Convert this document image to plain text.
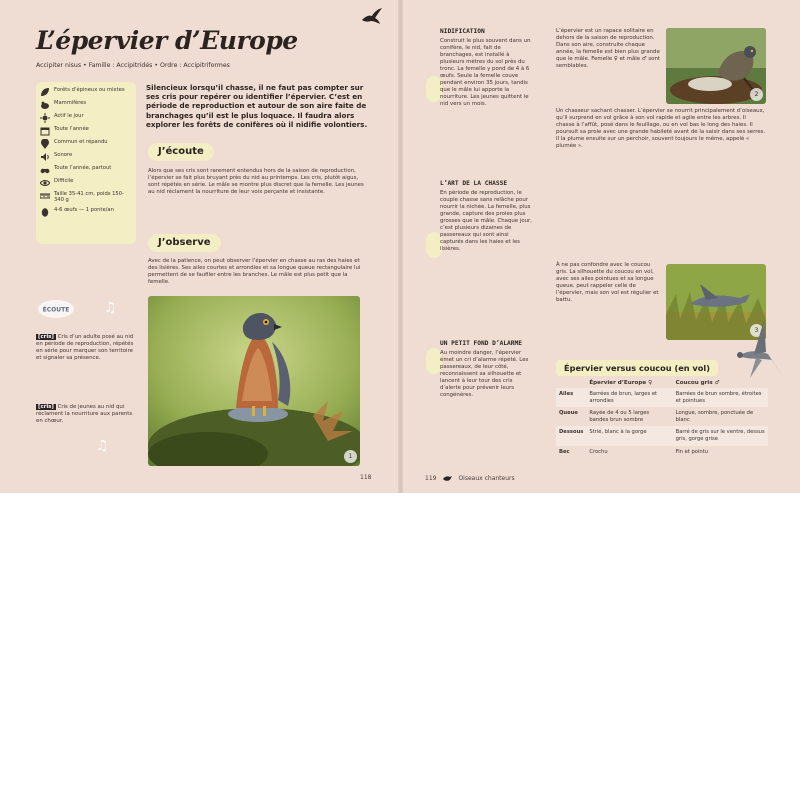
L’épervier d’Europe
Accipiter nisus • Famille : Accipitridés • Ordre : Accipitriformes
Forêts d’épineux ou mixtes
Mammifères
Actif le jour
Toute l’année
Commun et répandu
Sonore
Toute l’année, partout
Difficile
Taille 35-41 cm, poids 150-340 g
4-6 œufs — 1 ponte/an
Silencieux lorsqu’il chasse, il ne faut pas compter sur ses cris pour repérer ou identifier l’épervier. C’est en période de reproduction et autour de son aire faite de branchages qu’il est le plus loquace. Il faudra alors explorer les forêts de conifères où il nidifie volontiers.
J’écoute
Alors que ses cris sont rarement entendus hors de la saison de reproduction, l’épervier se fait plus bruyant près du nid au printemps. Les cris, plutôt aigus, sont répétés en série. Le mâle se montre plus discret que la femelle. Les jeunes au nid réclament la nourriture de leur voix perçante et insistante.
J’observe
Avec de la patience, on peut observer l’épervier en chasse au ras des haies et des lisières. Ses ailes courtes et arrondies et sa longue queue rectangulaire lui permettent de se faufiler entre les branches. Le mâle est plus petit que la femelle.
ÉCOUTE ♫
♫
[cris] Cris d’un adulte posé au nid en période de reproduction, répétés en série pour marquer son territoire et signaler sa présence.
[cris] Cris de jeunes au nid qui réclament la nourriture aux parents en chœur.
1
118
NIDIFICATION
Construit le plus souvent dans un conifère, le nid, fait de branchages, est installé à plusieurs mètres du sol près du tronc. La femelle y pond de 4 à 6 œufs. Seule la femelle couve pendant environ 35 jours, tandis que le mâle lui apporte la nourriture. Les jeunes quittent le nid vers un mois.
L’ART DE LA CHASSE
En période de reproduction, le couple chasse sans relâche pour nourrir la nichée. La femelle, plus grande, capture des proies plus grosses que le mâle. Chaque jour, c’est plusieurs dizaines de passereaux qui sont ainsi capturés dans les haies et les lisières.
UN PETIT FOND D’ALARME
Au moindre danger, l’épervier émet un cri d’alarme répété. Les passereaux, de leur côté, reconnaissent sa silhouette et lancent à leur tour des cris d’alerte pour prévenir leurs congénères.
L’épervier est un rapace solitaire en dehors de la saison de reproduction. Dans son aire, construite chaque année, la femelle est bien plus grande que le mâle. Femelle ♀ et mâle ♂ sont semblables.
2
Un chasseur sachant chasser. L’épervier se nourrit principalement d’oiseaux, qu’il surprend en vol grâce à son vol rapide et agile entre les arbres. Il chasse à l’affût, posé dans le feuillage, ou en vol bas le long des haies. Il poursuit sa proie avec une grande habileté avant de la saisir dans ses serres. Il la plume ensuite sur un perchoir, souvent toujours le même, appelé « plumée ».
À ne pas confondre avec le coucou gris. La silhouette du coucou en vol, avec ses ailes pointues et sa longue queue, peut rappeler celle de l’épervier, mais son vol est régulier et battu.
3
Épervier versus coucou (en vol)
	Épervier d’Europe ♀	Coucou gris ♂
Ailes	Barrées de brun, larges et arrondies	Barrées de brun sombre, étroites et pointues
Queue	Rayée de 4 ou 5 larges bandes brun sombre	Longue, sombre, ponctuée de blanc
Dessous	Strié, blanc à la gorge	Barré de gris sur le ventre, dessus gris, gorge grise
Bec	Crochu	Fin et pointu
119	Oiseaux chanteurs
